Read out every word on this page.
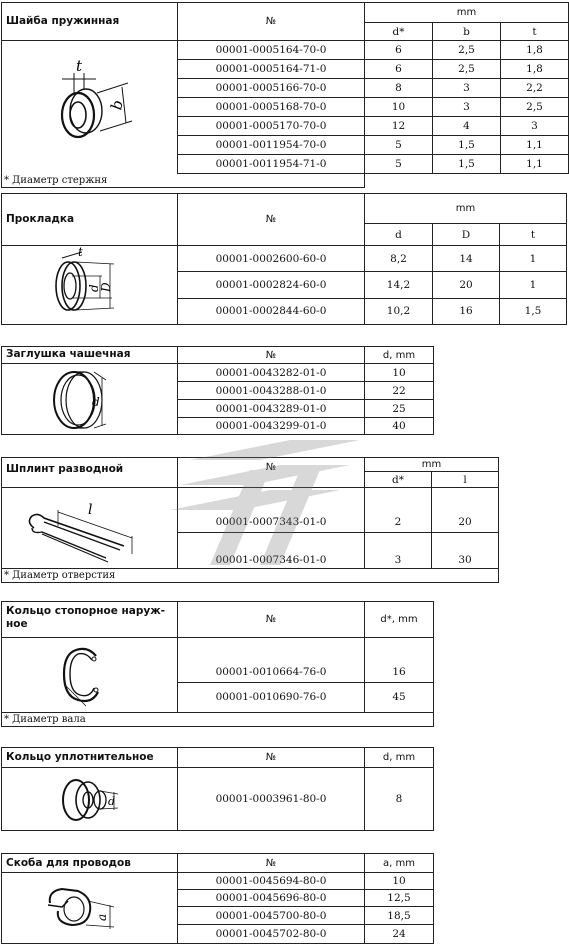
Шайба пружинная	№	mm		
		d*	b	t

t
b	00001-0005164-70-0	6	2,5	1,8
	00001-0005164-71-0	6	2,5	1,8
	00001-0005166-70-0	8	3	2,2
	00001-0005168-70-0	10	3	2,5
	00001-0005170-70-0	12	4	3
	00001-0011954-70-0	5	1,5	1,1
	00001-0011954-71-0	5	1,5	1,1
* Диаметр стержня				
Прокладка	№	mm		
		d	D	t

t
d
D	00001-0002600-60-0	8,2	14	1
	00001-0002824-60-0	14,2	20	1
	00001-0002844-60-0	10,2	16	1,5
Заглушка чашечная	№	d, mm

d	00001-0043282-01-0	10
	00001-0043288-01-0	22
	00001-0043289-01-0	25
	00001-0043299-01-0	40
Шплинт разводной	№	mm	
		d*	l

l	00001-0007343-01-0	2	20
	00001-0007346-01-0	3	30
* Диаметр отверстия			
Кольцо стопорное наруж-ное	№	d*, mm

	00001-0010664-76-0	16
	00001-0010690-76-0	45
* Диаметр вала		
Кольцо уплотнительное	№	d, mm

d	00001-0003961-80-0	8
Скоба для проводов	№	a, mm

a	00001-0045694-80-0	10
	00001-0045696-80-0	12,5
	00001-0045700-80-0	18,5
	00001-0045702-80-0	24
